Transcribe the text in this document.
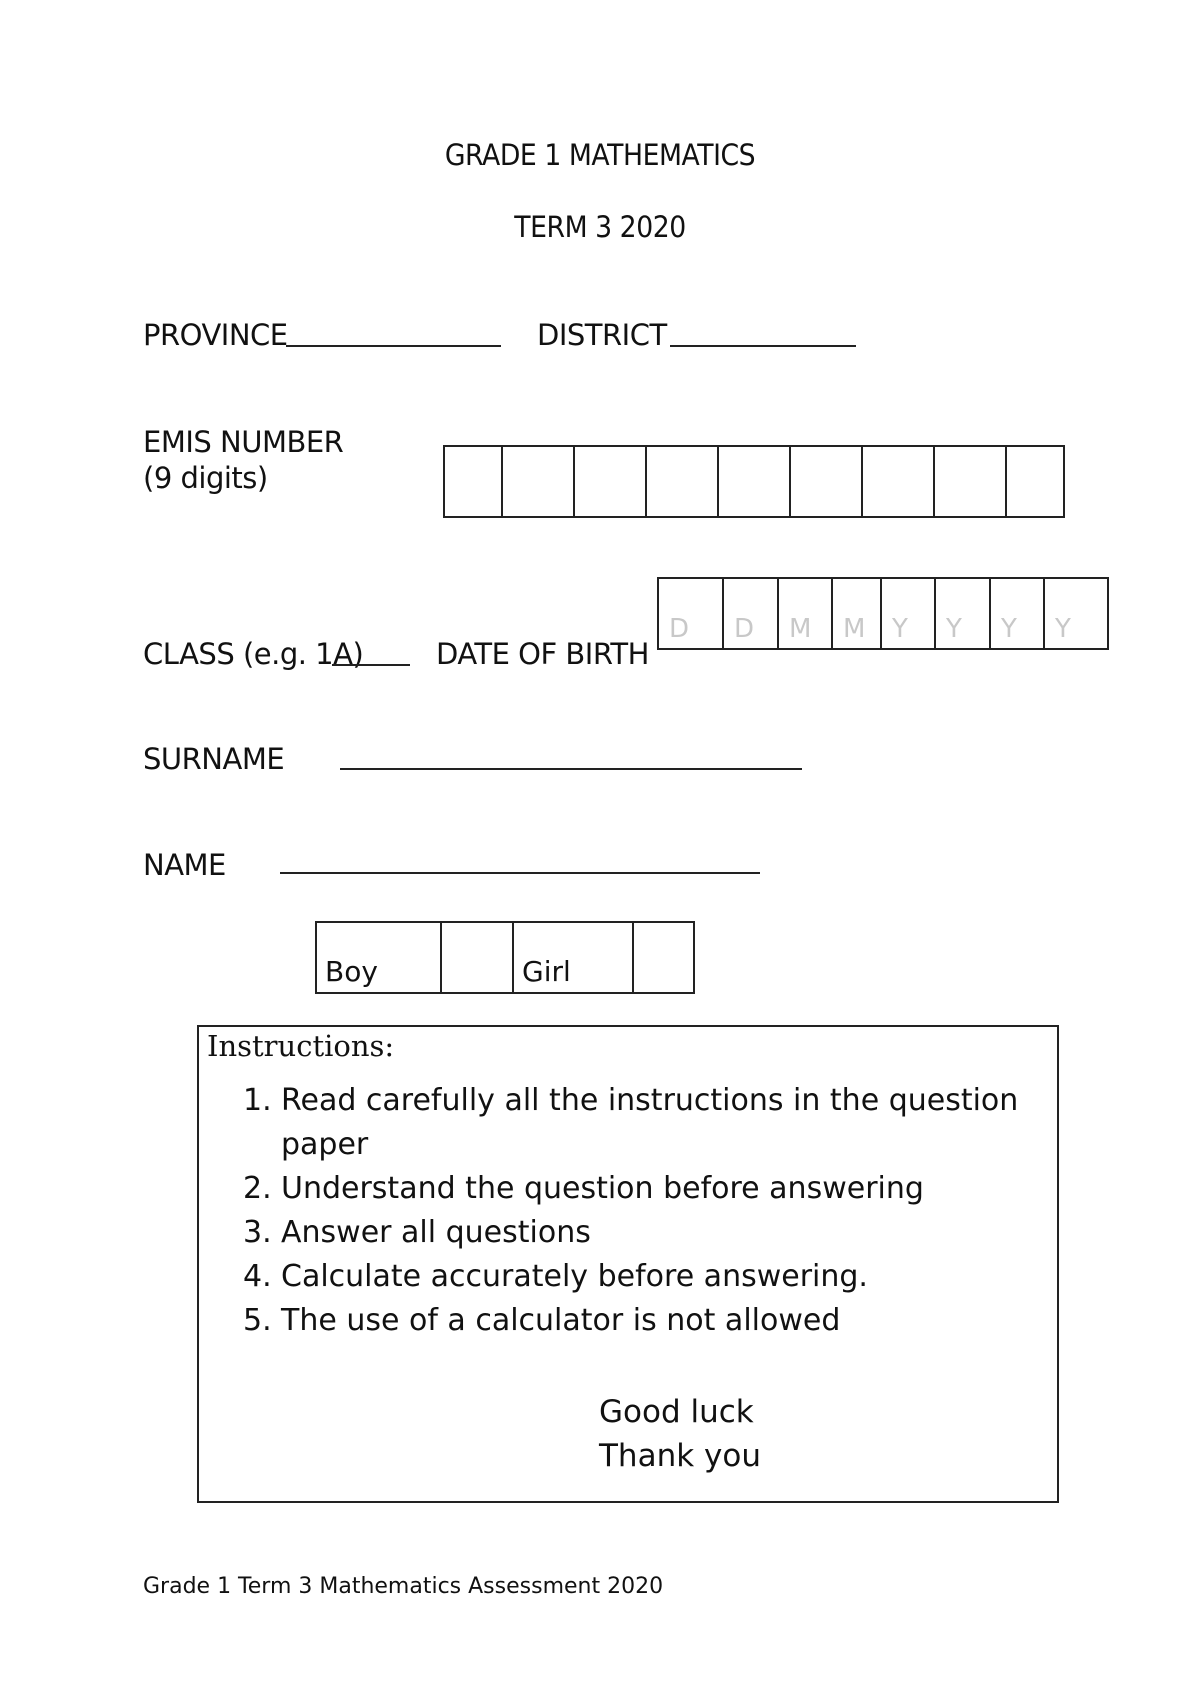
GRADE 1 MATHEMATICS
TERM 3 2020
PROVINCE	DISTRICT
EMIS NUMBER (9 digits)
CLASS (e.g. 1A)	DATE OF BIRTH
D	D	M	M	Y	Y	Y	Y
SURNAME
NAME
Boy	Girl
Instructions:
1. Read carefully all the instructions in the question paper
2. Understand the question before answering
3. Answer all questions
4. Calculate accurately before answering.
5. The use of a calculator is not allowed
Good luck
Thank you
Grade 1 Term 3 Mathematics Assessment 2020
